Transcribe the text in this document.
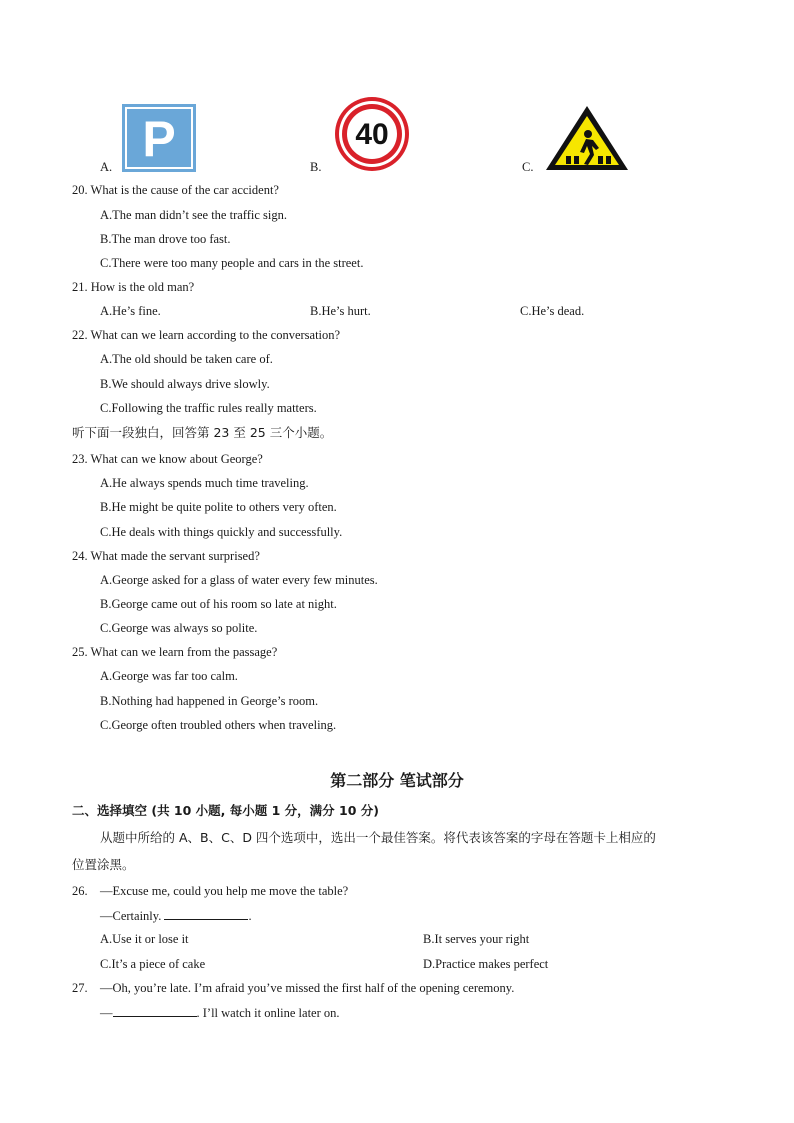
A. P	B.
40
C.
20. What is the cause of the car accident?
A.The man didn’t see the traffic sign.
B.The man drove too fast.
C.There were too many people and cars in the street.
21. How is the old man?
A.He’s fine.	B.He’s hurt.	C.He’s dead.
22. What can we learn according to the conversation?
A.The old should be taken care of.
B.We should always drive slowly.
C.Following the traffic rules really matters.
听下面一段独白，回答第 23 至 25 三个小题。
23. What can we know about George?
A.He always spends much time traveling.
B.He might be quite polite to others very often.
C.He deals with things quickly and successfully.
24. What made the servant surprised?
A.George asked for a glass of water every few minutes.
B.George came out of his room so late at night.
C.George was always so polite.
25. What can we learn from the passage?
A.George was far too calm.
B.Nothing had happened in George’s room.
C.George often troubled others when traveling.
第二部分 笔试部分
二、选择填空 (共 10 小题, 每小题 1 分，满分 10 分)
从题中所给的 A、B、C、D 四个选项中，选出一个最佳答案。将代表该答案的字母在答题卡上相应的
位置涂黑。
26. —Excuse me, could you help me move the table?
—Certainly.	.
A.Use it or lose it	B.It serves your right
C.It’s a piece of cake	D.Practice makes perfect
27. —Oh, you’re late. I’m afraid you’ve missed the first half of the opening ceremony.
—	. I’ll watch it online later on.
